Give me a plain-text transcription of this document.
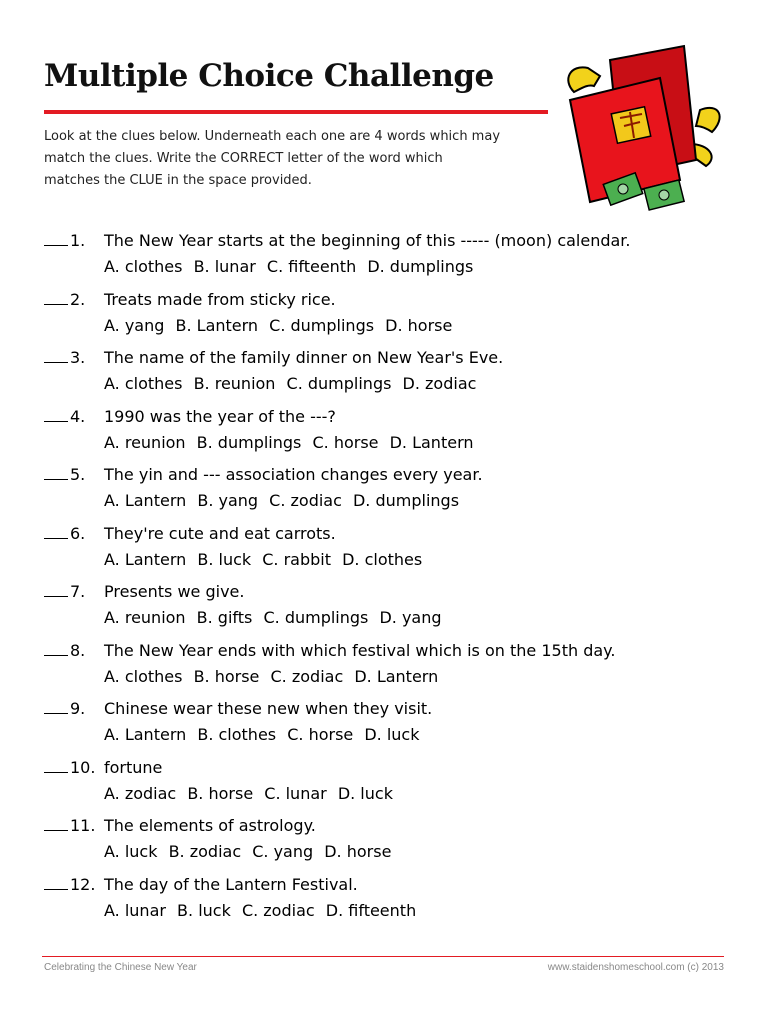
Multiple Choice Challenge
Look at the clues below. Underneath each one are 4 words which may
match the clues. Write the CORRECT letter of the word which
matches the CLUE in the space provided.
1.	The New Year starts at the beginning of this ----- (moon) calendar.
A. clothes B. lunar C. fifteenth D. dumplings
2.	Treats made from sticky rice.
A. yang B. Lantern C. dumplings D. horse
3.	The name of the family dinner on New Year's Eve.
A. clothes B. reunion C. dumplings D. zodiac
4.	1990 was the year of the ---?
A. reunion B. dumplings C. horse D. Lantern
5.	The yin and --- association changes every year.
A. Lantern B. yang C. zodiac D. dumplings
6.	They're cute and eat carrots.
A. Lantern B. luck C. rabbit D. clothes
7.	Presents we give.
A. reunion B. gifts C. dumplings D. yang
8.	The New Year ends with which festival which is on the 15th day.
A. clothes B. horse C. zodiac D. Lantern
9.	Chinese wear these new when they visit.
A. Lantern B. clothes C. horse D. luck
10. fortune
A. zodiac B. horse C. lunar D. luck
11. The elements of astrology.
A. luck B. zodiac C. yang D. horse
12. The day of the Lantern Festival.
A. lunar B. luck C. zodiac D. fifteenth
Celebrating the Chinese New Year	www.staidenshomeschool.com (c) 2013
